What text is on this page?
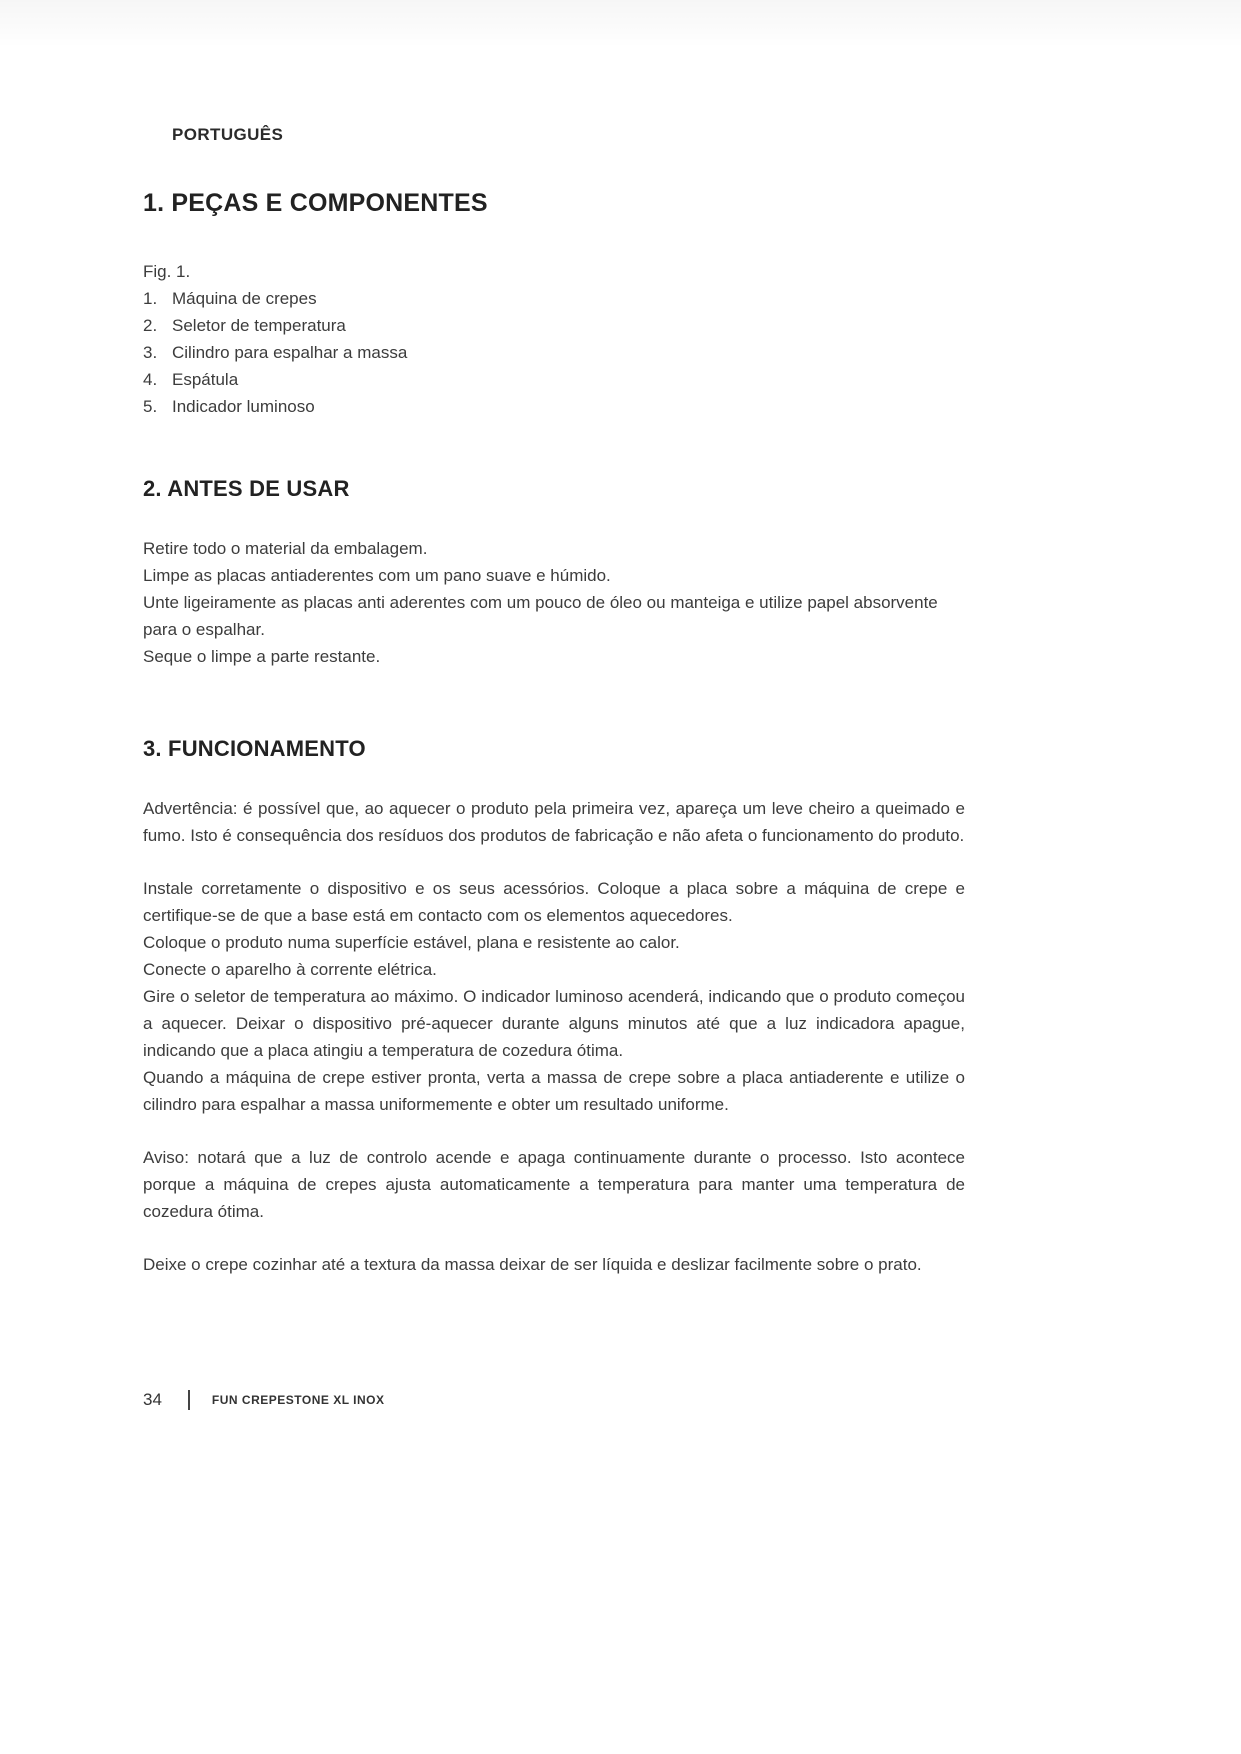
PORTUGUÊS
1. PEÇAS E COMPONENTES

Fig. 1.

1. Máquina de crepes
2. Seletor de temperatura
3. Cilindro para espalhar a massa
4. Espátula
5. Indicador luminoso
2. ANTES DE USAR

Retire todo o material da embalagem.

Limpe as placas antiaderentes com um pano suave e húmido.

Unte ligeiramente as placas anti aderentes com um pouco de óleo ou manteiga e utilize papel absorvente para o espalhar.

Seque o limpe a parte restante.

3. FUNCIONAMENTO

Advertência: é possível que, ao aquecer o produto pela primeira vez, apareça um leve cheiro a queimado e fumo. Isto é consequência dos resíduos dos produtos de fabricação e não afeta o funcionamento do produto.

Instale corretamente o dispositivo e os seus acessórios. Coloque a placa sobre a máquina de crepe e certifique-se de que a base está em contacto com os elementos aquecedores.

Coloque o produto numa superfície estável, plana e resistente ao calor.

Conecte o aparelho à corrente elétrica.

Gire o seletor de temperatura ao máximo. O indicador luminoso acenderá, indicando que o produto começou a aquecer. Deixar o dispositivo pré-aquecer durante alguns minutos até que a luz indicadora apague, indicando que a placa atingiu a temperatura de cozedura ótima.

Quando a máquina de crepe estiver pronta, verta a massa de crepe sobre a placa antiaderente e utilize o cilindro para espalhar a massa uniformemente e obter um resultado uniforme.

Aviso: notará que a luz de controlo acende e apaga continuamente durante o processo. Isto acontece porque a máquina de crepes ajusta automaticamente a temperatura para manter uma temperatura de cozedura ótima.

Deixe o crepe cozinhar até a textura da massa deixar de ser líquida e deslizar facilmente sobre o prato.

34	FUN CREPESTONE XL INOX
